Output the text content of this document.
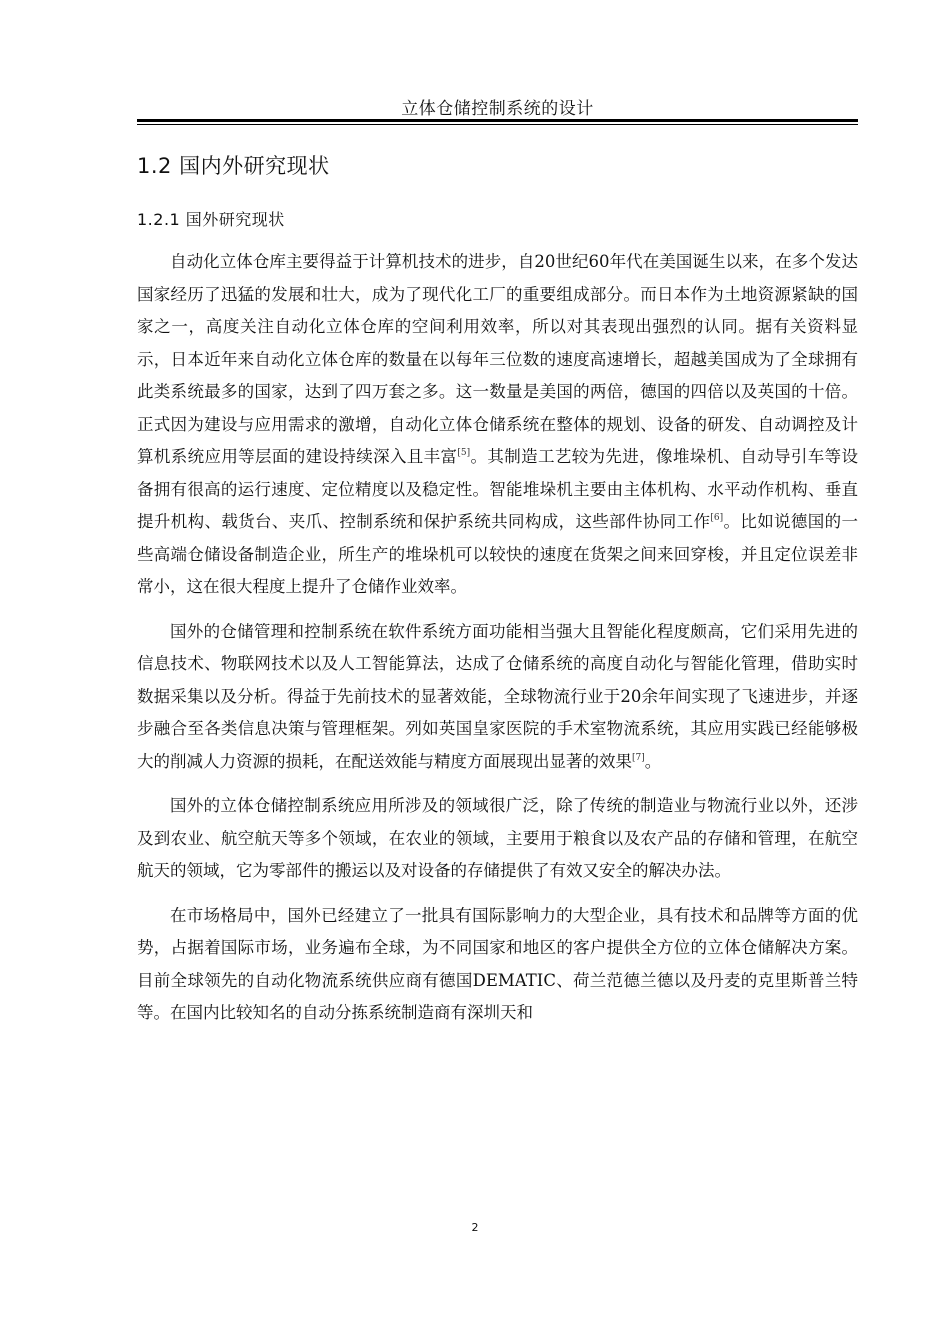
立体仓储控制系统的设计
1.2 国内外研究现状
1.2.1 国外研究现状

自动化立体仓库主要得益于计算机技术的进步，自20世纪60年代在美国诞生以来，在多个发达国家经历了迅猛的发展和壮大，成为了现代化工厂的重要组成部分。而日本作为土地资源紧缺的国家之一，高度关注自动化立体仓库的空间利用效率，所以对其表现出强烈的认同。据有关资料显示，日本近年来自动化立体仓库的数量在以每年三位数的速度高速增长，超越美国成为了全球拥有此类系统最多的国家，达到了四万套之多。这一数量是美国的两倍，德国的四倍以及英国的十倍。正式因为建设与应用需求的激增，自动化立体仓储系统在整体的规划、设备的研发、自动调控及计算机系统应用等层面的建设持续深入且丰富[5]。其制造工艺较为先进，像堆垛机、自动导引车等设备拥有很高的运行速度、定位精度以及稳定性。智能堆垛机主要由主体机构、水平动作机构、垂直提升机构、载货台、夹爪、控制系统和保护系统共同构成，这些部件协同工作[6]。比如说德国的一些高端仓储设备制造企业，所生产的堆垛机可以较快的速度在货架之间来回穿梭，并且定位误差非常小，这在很大程度上提升了仓储作业效率。

国外的仓储管理和控制系统在软件系统方面功能相当强大且智能化程度颇高，它们采用先进的信息技术、物联网技术以及人工智能算法，达成了仓储系统的高度自动化与智能化管理，借助实时数据采集以及分析。得益于先前技术的显著效能，全球物流行业于20余年间实现了飞速进步，并逐步融合至各类信息决策与管理框架。列如英国皇家医院的手术室物流系统，其应用实践已经能够极大的削减人力资源的损耗，在配送效能与精度方面展现出显著的效果[7]。

国外的立体仓储控制系统应用所涉及的领域很广泛，除了传统的制造业与物流行业以外，还涉及到农业、航空航天等多个领域，在农业的领域，主要用于粮食以及农产品的存储和管理，在航空航天的领域，它为零部件的搬运以及对设备的存储提供了有效又安全的解决办法。

在市场格局中，国外已经建立了一批具有国际影响力的大型企业，具有技术和品牌等方面的优势，占据着国际市场，业务遍布全球，为不同国家和地区的客户提供全方位的立体仓储解决方案。目前全球领先的自动化物流系统供应商有德国DEMATIC、荷兰范德兰德以及丹麦的克里斯普兰特等。在国内比较知名的自动分拣系统制造商有深圳天和

2
